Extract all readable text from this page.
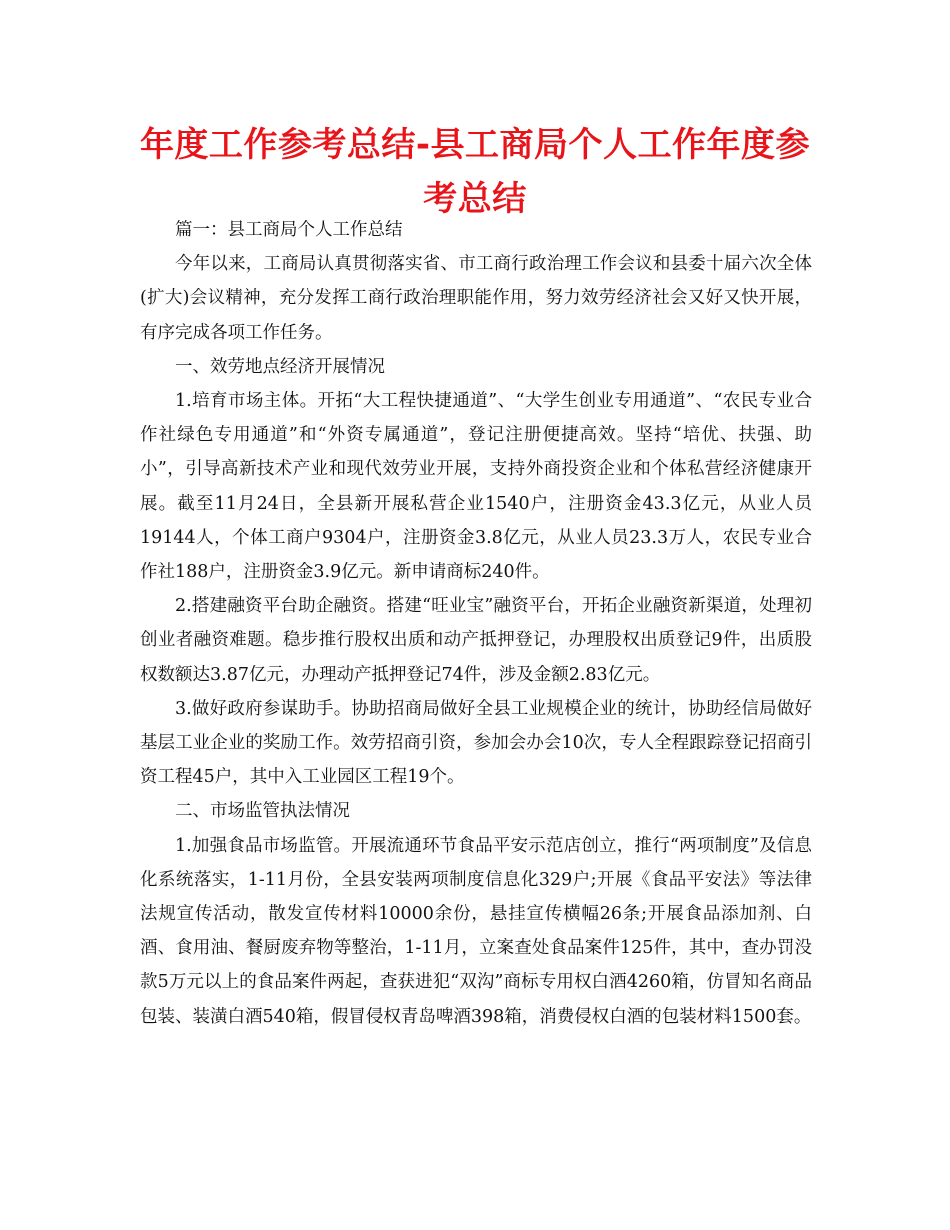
年度工作参考总结-县工商局个人工作年度参考总结

篇一：县工商局个人工作总结

今年以来，工商局认真贯彻落实省、市工商行政治理工作会议和县委十届六次全体(扩大)会议精神，充分发挥工商行政治理职能作用，努力效劳经济社会又好又快开展，有序完成各项工作任务。

一、效劳地点经济开展情况

1.培育市场主体。开拓“大工程快捷通道”、“大学生创业专用通道”、“农民专业合作社绿色专用通道”和“外资专属通道”，登记注册便捷高效。坚持“培优、扶强、助小”，引导高新技术产业和现代效劳业开展，支持外商投资企业和个体私营经济健康开展。截至11月24日，全县新开展私营企业1540户，注册资金43.3亿元，从业人员19144人，个体工商户9304户，注册资金3.8亿元，从业人员23.3万人，农民专业合作社188户，注册资金3.9亿元。新申请商标240件。

2.搭建融资平台助企融资。搭建“旺业宝”融资平台，开拓企业融资新渠道，处理初创业者融资难题。稳步推行股权出质和动产抵押登记，办理股权出质登记9件，出质股权数额达3.87亿元，办理动产抵押登记74件，涉及金额2.83亿元。

3.做好政府参谋助手。协助招商局做好全县工业规模企业的统计，协助经信局做好基层工业企业的奖励工作。效劳招商引资，参加会办会10次，专人全程跟踪登记招商引资工程45户，其中入工业园区工程19个。

二、市场监管执法情况

1.加强食品市场监管。开展流通环节食品平安示范店创立，推行“两项制度”及信息化系统落实，1-11月份，全县安装两项制度信息化329户;开展《食品平安法》等法律法规宣传活动，散发宣传材料10000余份，悬挂宣传横幅26条;开展食品添加剂、白酒、食用油、餐厨废弃物等整治，1-11月，立案查处食品案件125件，其中，查办罚没款5万元以上的食品案件两起，查获进犯“双沟”商标专用权白酒4260箱，仿冒知名商品包装、装潢白酒540箱，假冒侵权青岛啤酒398箱，消费侵权白酒的包装材料1500套。
